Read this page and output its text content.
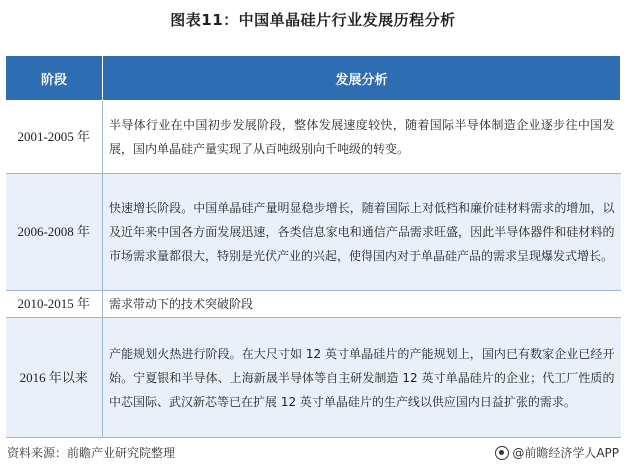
图表11：中国单晶硅片行业发展历程分析
阶段	发展分析
2001-2005 年	半导体行业在中国初步发展阶段，整体发展速度较快，随着国际半导体制造企业逐步往中国发展，国内单晶硅产量实现了从百吨级别向千吨级的转变。
2006-2008 年	快速增长阶段。中国单晶硅产量明显稳步增长，随着国际上对低档和廉价硅材料需求的增加，以及近年来中国各方面发展迅速，各类信息家电和通信产品需求旺盛，因此半导体器件和硅材料的市场需求量都很大，特别是光伏产业的兴起，使得国内对于单晶硅产品的需求呈现爆发式增长。
2010-2015 年	需求带动下的技术突破阶段
2016 年以来	产能规划火热进行阶段。在大尺寸如 12 英寸单晶硅片的产能规划上，国内已有数家企业已经开始。宁夏银和半导体、上海新晟半导体等自主研发制造 12 英寸单晶硅片的企业；代工厂性质的中芯国际、武汉新芯等已在扩展 12 英寸单晶硅片的生产线以供应国内日益扩张的需求。
资料来源：前瞻产业研究院整理	@前瞻经济学人APP
